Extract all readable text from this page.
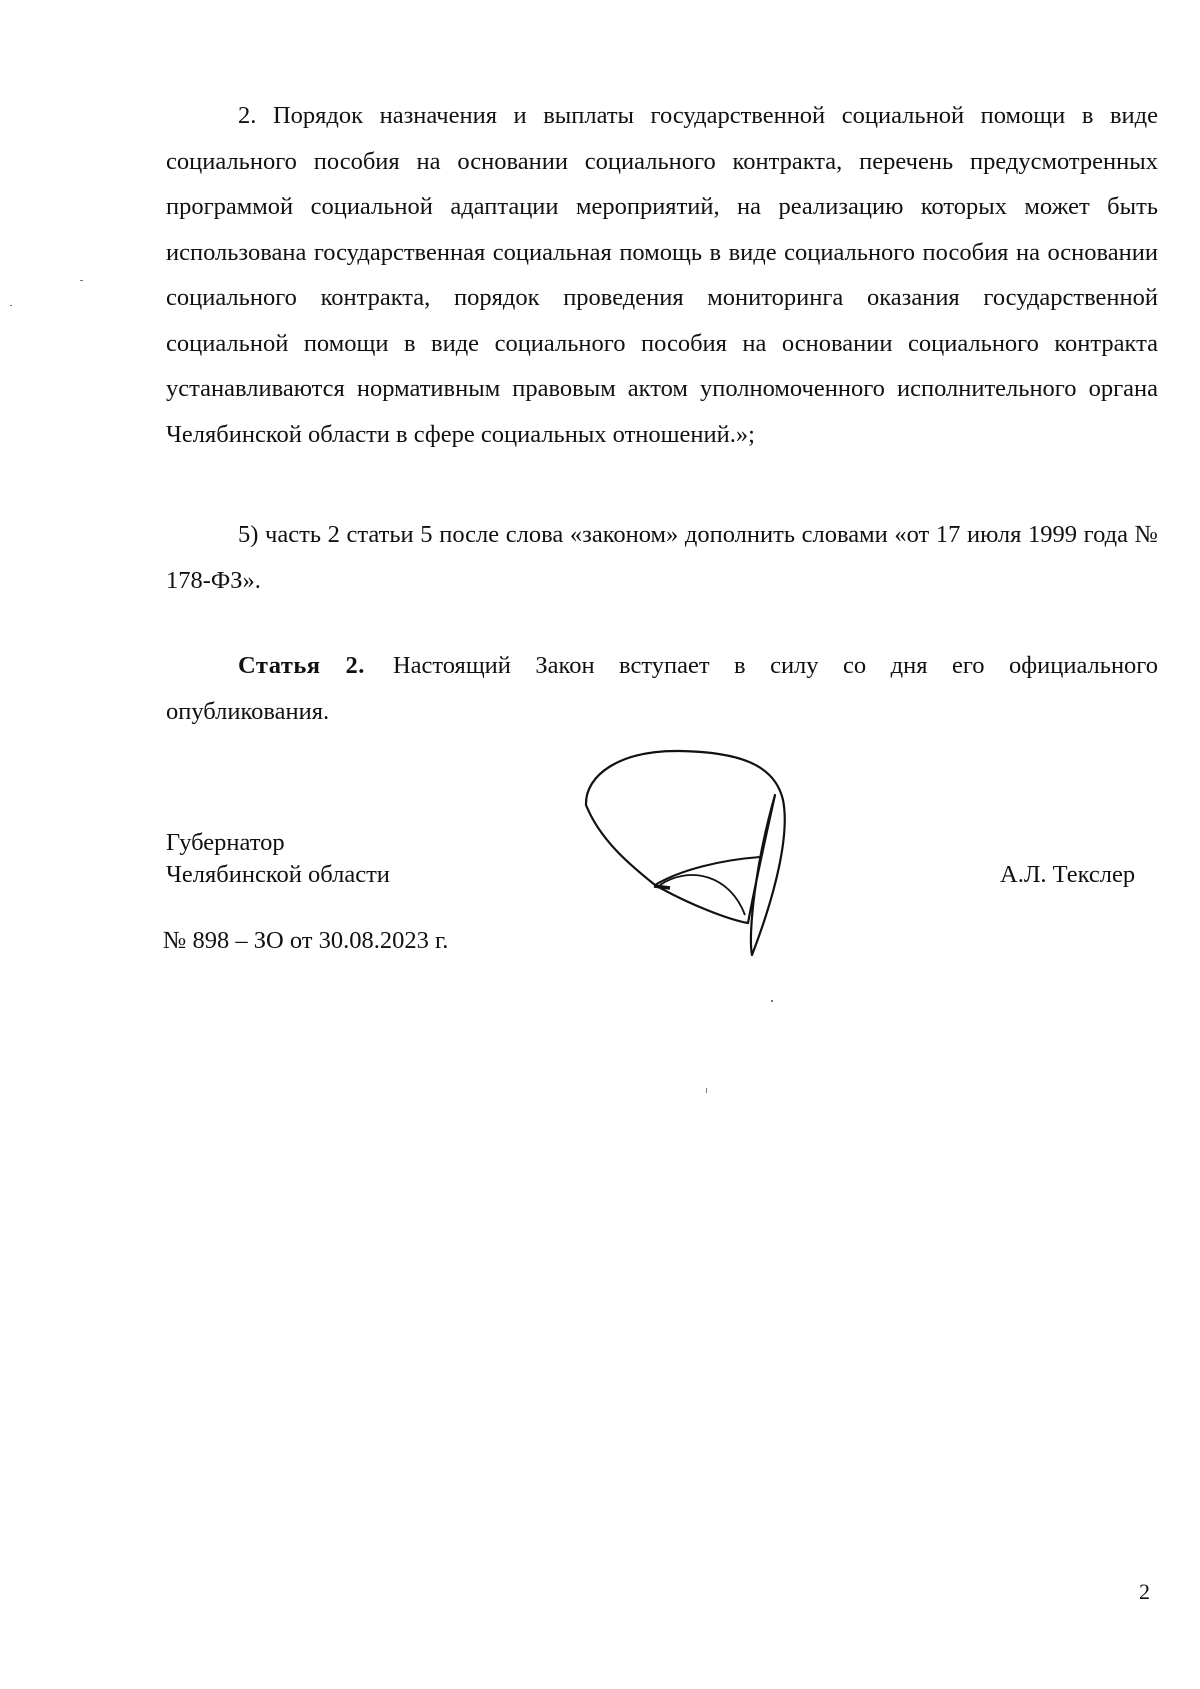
2. Порядок назначения и выплаты государственной социальной помощи в виде социального пособия на основании социального контракта, перечень предусмотренных программой социальной адаптации мероприятий, на реализацию которых может быть использована государственная социальная помощь в виде социального пособия на основании социального контракта, порядок проведения мониторинга оказания государственной социальной помощи в виде социального пособия на основании социального контракта устанавливаются нормативным правовым актом уполномоченного исполнительного органа Челябинской области в сфере социальных отношений.»;

5) часть 2 статьи 5 после слова «законом» дополнить словами «от 17 июля 1999 года № 178-ФЗ».

Статья 2. Настоящий Закон вступает в силу со дня его официального опубликования.

Губернатор
Челябинской области	А.Л. Текслер
№ 898 – ЗО от 30.08.2023 г.
2
